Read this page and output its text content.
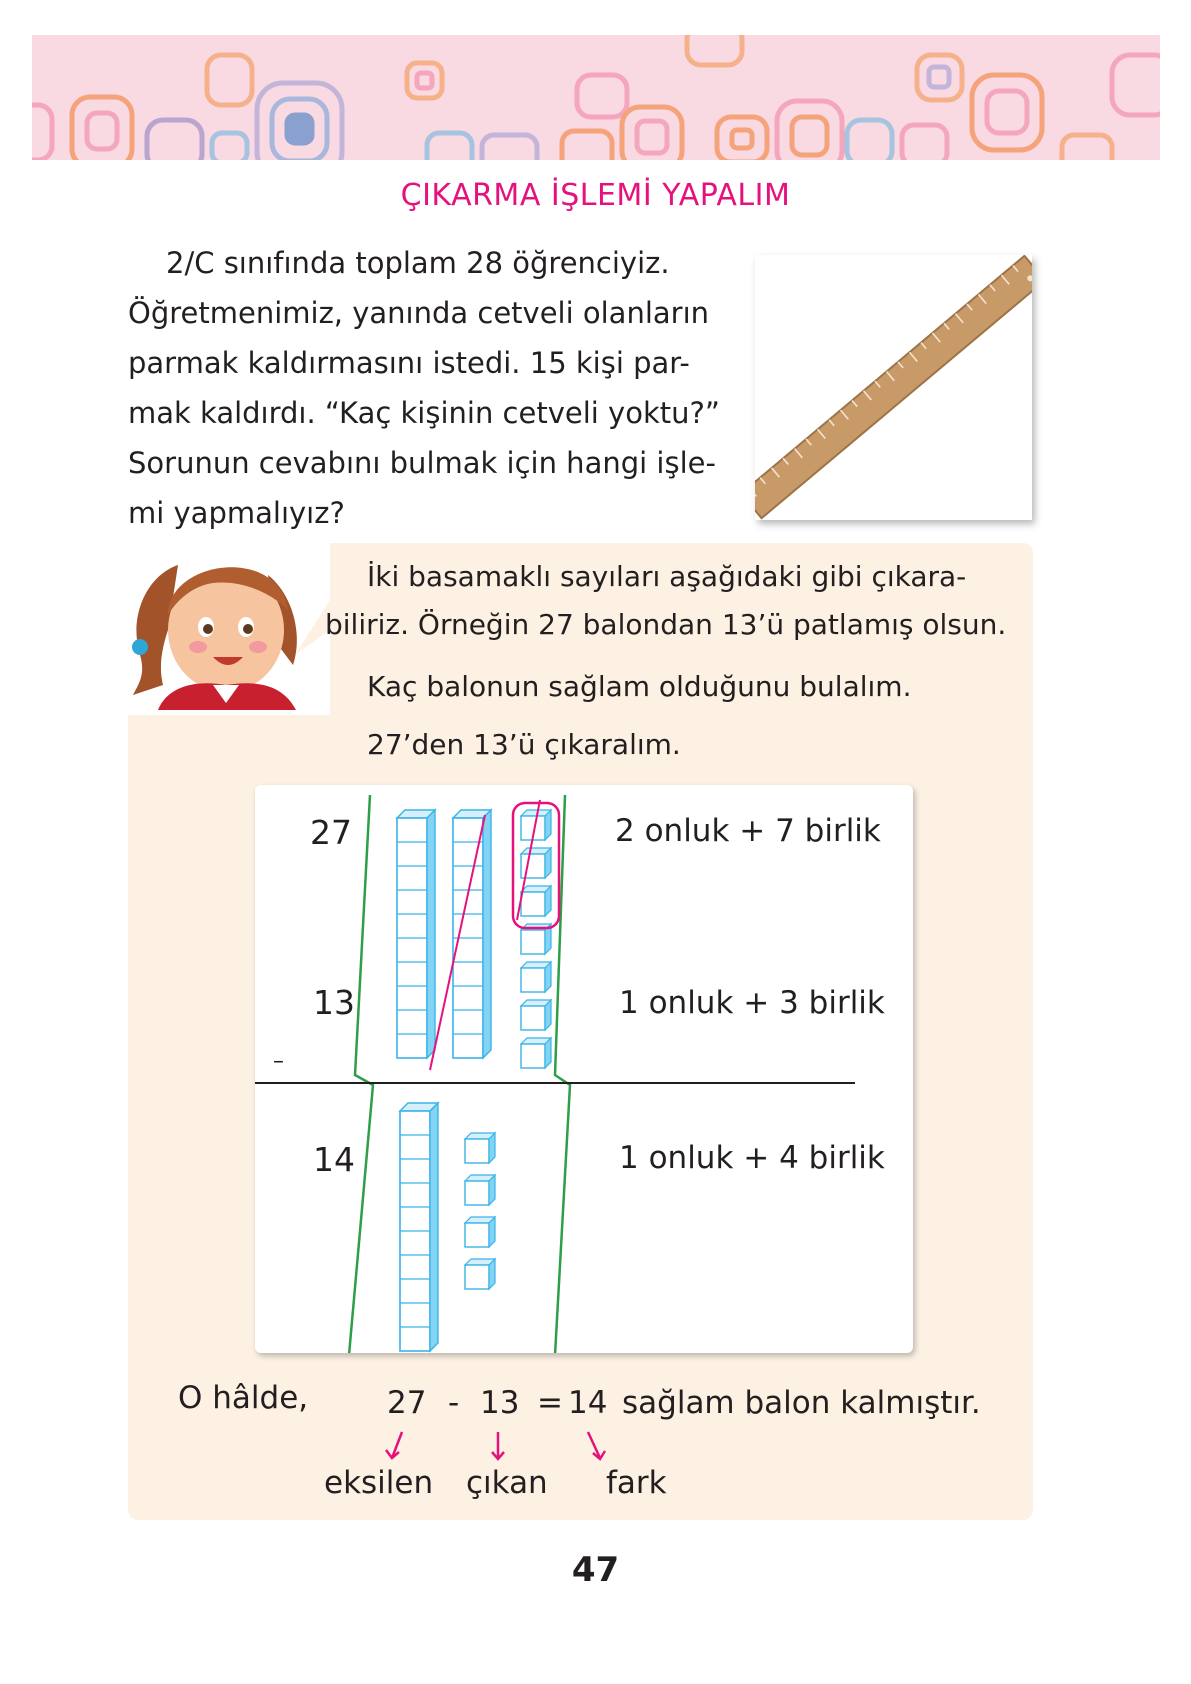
ÇIKARMA İŞLEMİ YAPALIM

2/C sınıfında toplam 28 öğrenciyiz.

Öğretmenimiz, yanında cetveli olanların

parmak kaldırmasını istedi. 15 kişi par-

mak kaldırdı. “Kaç kişinin cetveli yoktu?”

Sorunun cevabını bulmak için hangi işle-

mi yapmalıyız?

İki basamaklı sayıları aşağıdaki gibi çıkara-
biliriz. Örneğin 27 balondan 13’ü patlamış olsun.
Kaç balonun sağlam olduğunu bulalım.
27’den 13’ü çıkaralım.
27
13
–
14
2 onluk + 7 birlik
1 onluk + 3 birlik
1 onluk + 4 birlik
O hâlde,	27 - 13 = 14 sağlam balon kalmıştır.
eksilen çıkan fark
47
